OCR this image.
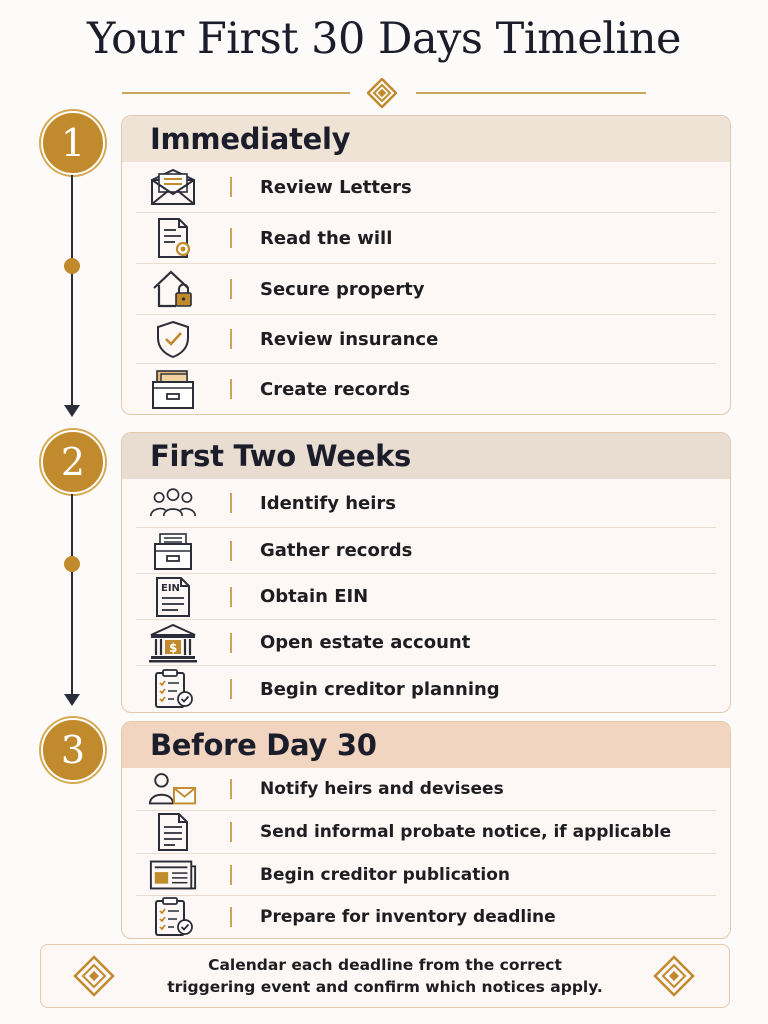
Your First 30 Days Timeline
1
2
3
Immediately
Review Letters
Read the will
Secure property
Review insurance
Create records
First Two Weeks
Identify heirs
Gather records
EIN	Obtain EIN
$	Open estate account
Begin creditor planning
Before Day 30
Notify heirs and devisees
Send informal probate notice, if applicable
Begin creditor publication
Prepare for inventory deadline
Calendar each deadline from the correct
triggering event and confirm which notices apply.
